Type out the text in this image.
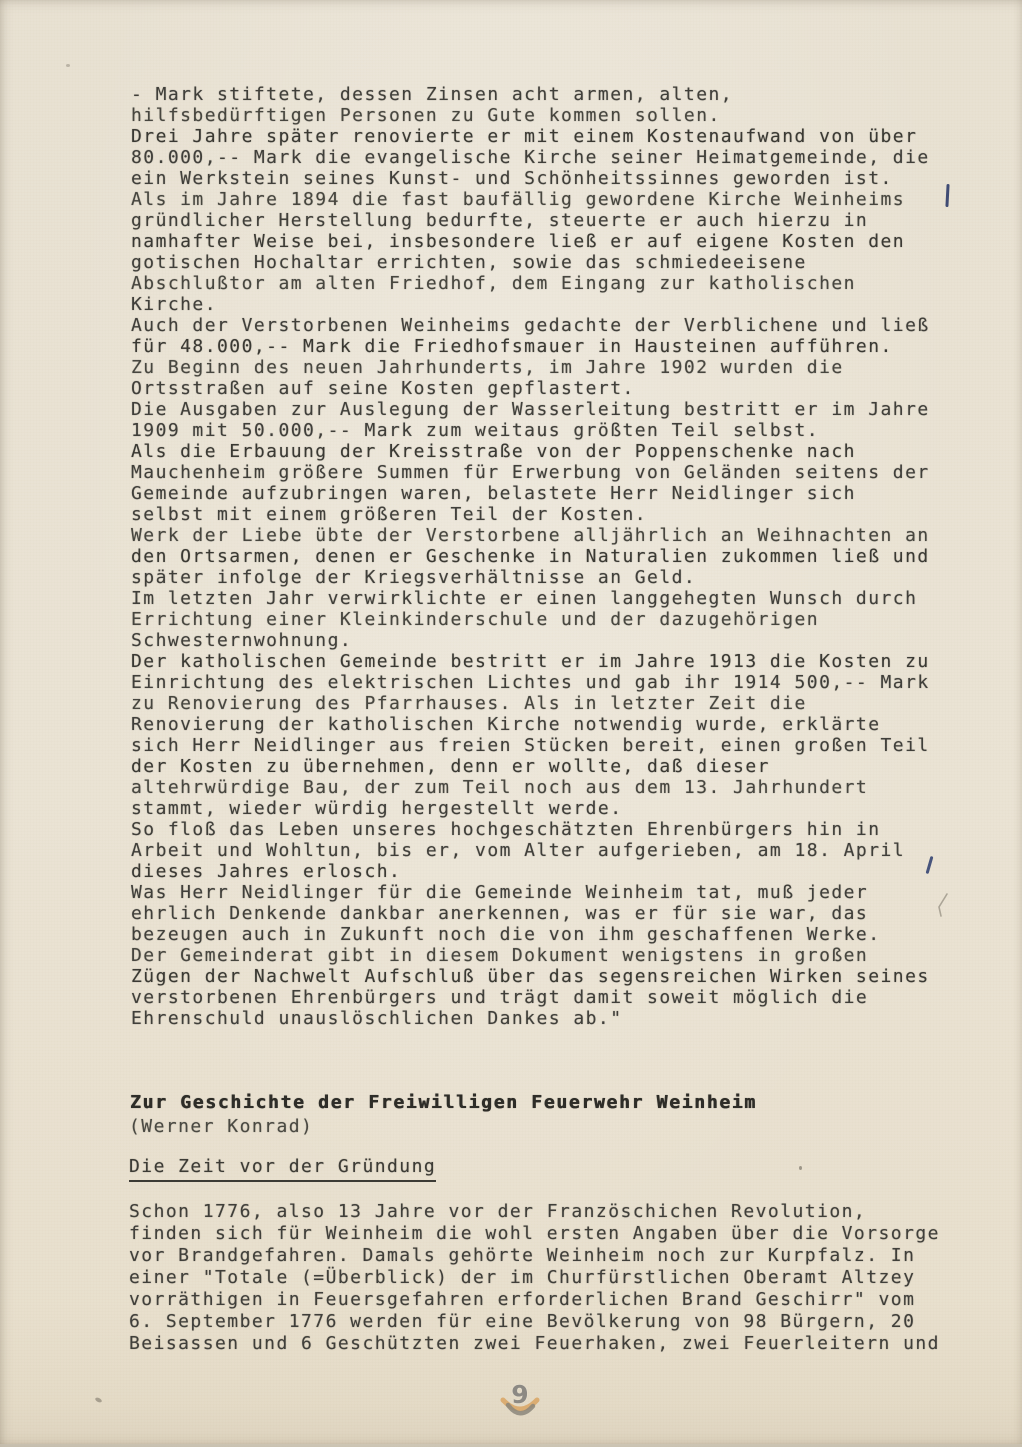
- Mark stiftete, dessen Zinsen acht armen, alten,
hilfsbedürftigen Personen zu Gute kommen sollen.
Drei Jahre später renovierte er mit einem Kostenaufwand von über
80.000,-- Mark die evangelische Kirche seiner Heimatgemeinde, die
ein Werkstein seines Kunst- und Schönheitssinnes geworden ist.
Als im Jahre 1894 die fast baufällig gewordene Kirche Weinheims
gründlicher Herstellung bedurfte, steuerte er auch hierzu in
namhafter Weise bei, insbesondere ließ er auf eigene Kosten den
gotischen Hochaltar errichten, sowie das schmiedeeisene
Abschlußtor am alten Friedhof, dem Eingang zur katholischen
Kirche.
Auch der Verstorbenen Weinheims gedachte der Verblichene und ließ
für 48.000,-- Mark die Friedhofsmauer in Hausteinen aufführen.
Zu Beginn des neuen Jahrhunderts, im Jahre 1902 wurden die
Ortsstraßen auf seine Kosten gepflastert.
Die Ausgaben zur Auslegung der Wasserleitung bestritt er im Jahre
1909 mit 50.000,-- Mark zum weitaus größten Teil selbst.
Als die Erbauung der Kreisstraße von der Poppenschenke nach
Mauchenheim größere Summen für Erwerbung von Geländen seitens der
Gemeinde aufzubringen waren, belastete Herr Neidlinger sich
selbst mit einem größeren Teil der Kosten.
Werk der Liebe übte der Verstorbene alljährlich an Weihnachten an
den Ortsarmen, denen er Geschenke in Naturalien zukommen ließ und
später infolge der Kriegsverhältnisse an Geld.
Im letzten Jahr verwirklichte er einen langgehegten Wunsch durch
Errichtung einer Kleinkinderschule und der dazugehörigen
Schwesternwohnung.
Der katholischen Gemeinde bestritt er im Jahre 1913 die Kosten zu
Einrichtung des elektrischen Lichtes und gab ihr 1914 500,-- Mark
zu Renovierung des Pfarrhauses. Als in letzter Zeit die
Renovierung der katholischen Kirche notwendig wurde, erklärte
sich Herr Neidlinger aus freien Stücken bereit, einen großen Teil
der Kosten zu übernehmen, denn er wollte, daß dieser
altehrwürdige Bau, der zum Teil noch aus dem 13. Jahrhundert
stammt, wieder würdig hergestellt werde.
So floß das Leben unseres hochgeschätzten Ehrenbürgers hin in
Arbeit und Wohltun, bis er, vom Alter aufgerieben, am 18. April
dieses Jahres erlosch.
Was Herr Neidlinger für die Gemeinde Weinheim tat, muß jeder
ehrlich Denkende dankbar anerkennen, was er für sie war, das
bezeugen auch in Zukunft noch die von ihm geschaffenen Werke.
Der Gemeinderat gibt in diesem Dokument wenigstens in großen
Zügen der Nachwelt Aufschluß über das segensreichen Wirken seines
verstorbenen Ehrenbürgers und trägt damit soweit möglich die
Ehrenschuld unauslöschlichen Dankes ab."
Zur Geschichte der Freiwilligen Feuerwehr Weinheim
(Werner Konrad)
Die Zeit vor der Gründung
Schon 1776, also 13 Jahre vor der Französchichen Revolution,
finden sich für Weinheim die wohl ersten Angaben über die Vorsorge
vor Brandgefahren. Damals gehörte Weinheim noch zur Kurpfalz. In
einer "Totale (=Überblick) der im Churfürstlichen Oberamt Altzey
vorräthigen in Feuersgefahren erforderlichen Brand Geschirr" vom
6. September 1776 werden für eine Bevölkerung von 98 Bürgern, 20
Beisassen und 6 Geschützten zwei Feuerhaken, zwei Feuerleitern und
9
